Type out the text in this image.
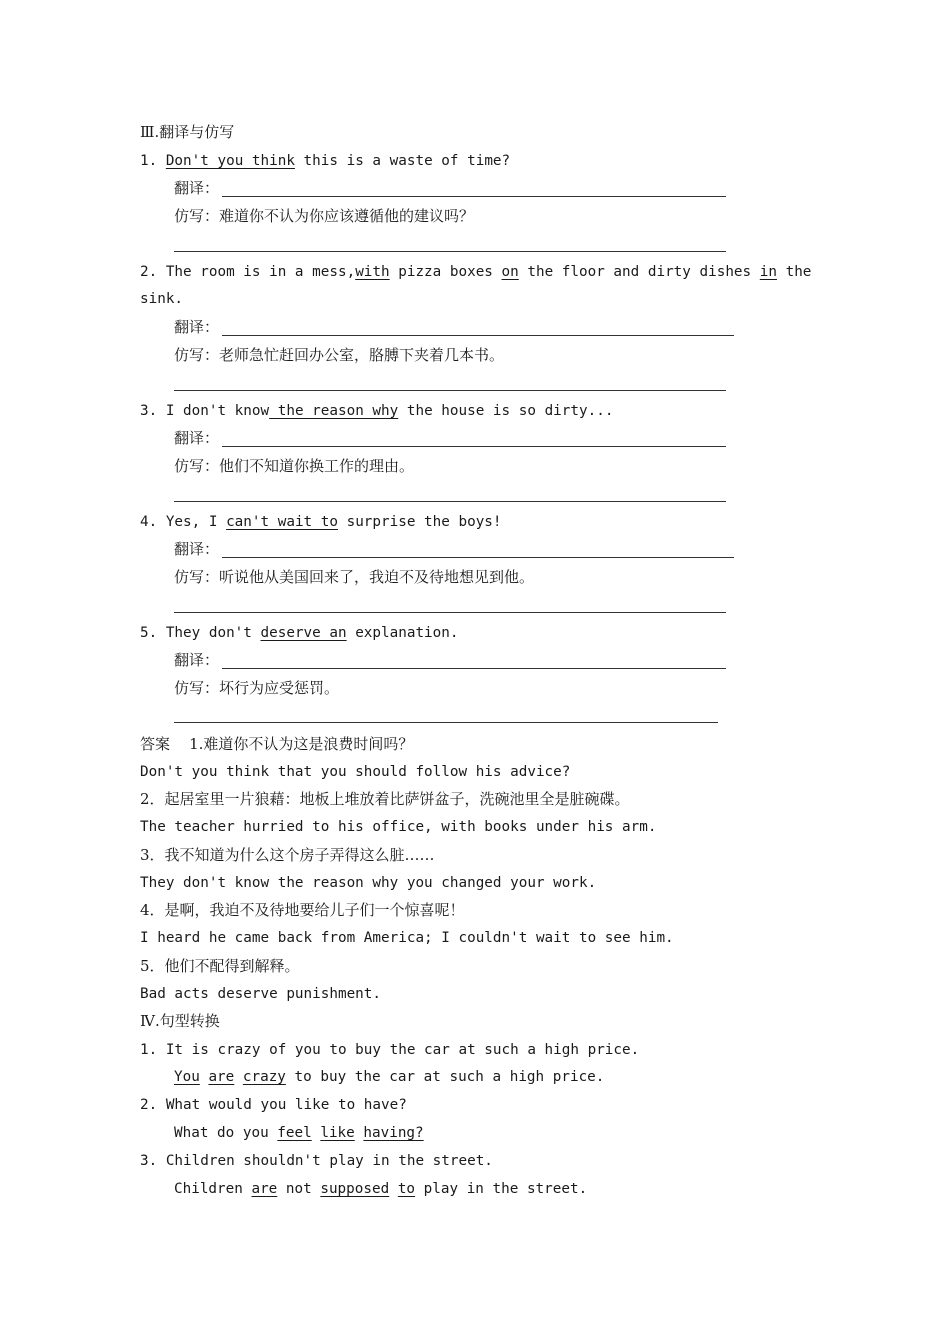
Ⅲ.翻译与仿写
1. Don't you think this is a waste of time?
翻译：
仿写：难道你不认为你应该遵循他的建议吗？
2. The room is in a mess,with pizza boxes on the floor and dirty dishes in the
sink.
翻译：
仿写：老师急忙赶回办公室，胳膊下夹着几本书。
3. I don't know the reason why the house is so dirty...
翻译：
仿写：他们不知道你换工作的理由。
4. Yes, I can't wait to surprise the boys!
翻译：
仿写：听说他从美国回来了，我迫不及待地想见到他。
5. They don't deserve an explanation.
翻译：
仿写：坏行为应受惩罚。
答案 1.难道你不认为这是浪费时间吗？
Don't you think that you should follow his advice?
2．起居室里一片狼藉：地板上堆放着比萨饼盆子，洗碗池里全是脏碗碟。
The teacher hurried to his office, with books under his arm.
3．我不知道为什么这个房子弄得这么脏……
They don't know the reason why you changed your work.
4．是啊，我迫不及待地要给儿子们一个惊喜呢！
I heard he came back from America; I couldn't wait to see him.
5．他们不配得到解释。
Bad acts deserve punishment.
Ⅳ.句型转换
1. It is crazy of you to buy the car at such a high price.
You are crazy to buy the car at such a high price.
2. What would you like to have?
What do you feel like having?
3. Children shouldn't play in the street.
Children are not supposed to play in the street.
